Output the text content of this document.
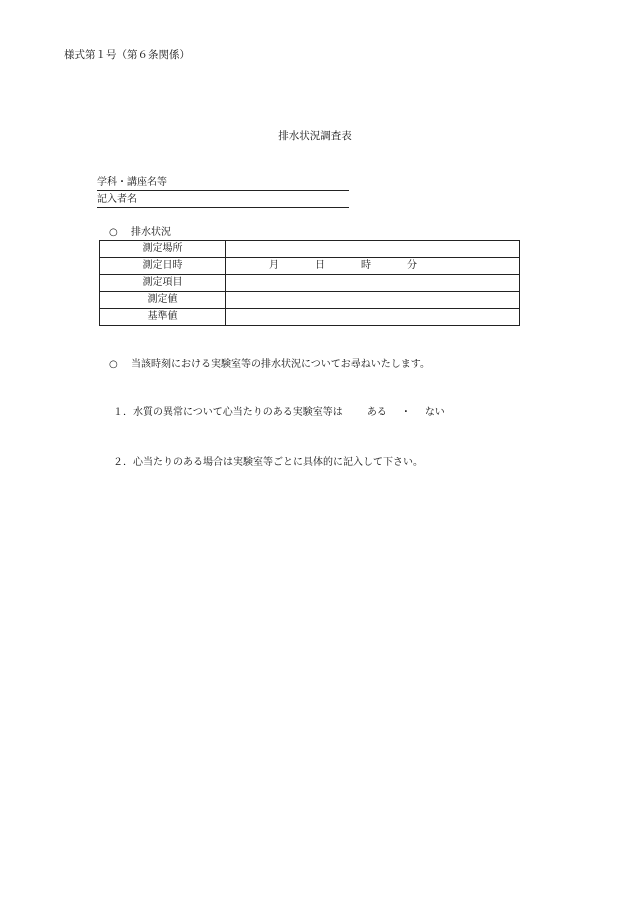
様式第１号（第６条関係）
排水状況調査表
学科・講座名等
記入者名
○ 排水状況
測定場所	
測定日時	月 日 時 分
測定項目	
測定値	
基準値	
○ 当該時刻における実験室等の排水状況についてお尋ねいたします。
１．水質の異常について心当たりのある実験室等は ある ・ ない
２．心当たりのある場合は実験室等ごとに具体的に記入して下さい。
